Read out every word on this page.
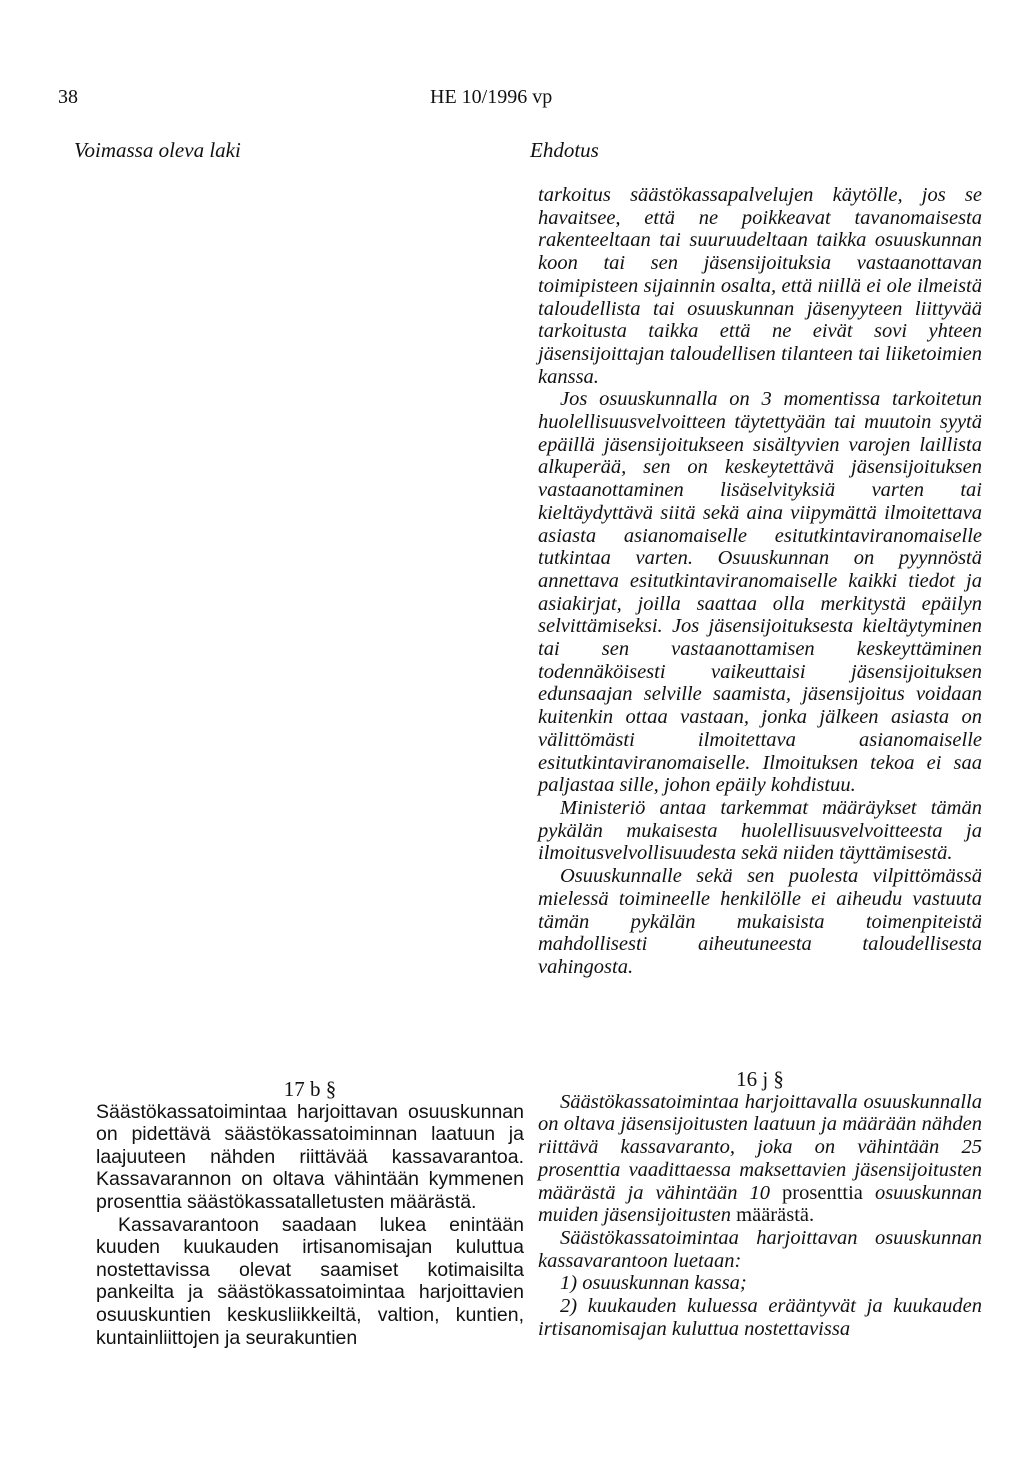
38	HE 10/1996 vp
Voimassa oleva laki	Ehdotus

tarkoitus säästökassapalvelujen käytölle, jos se havaitsee, että ne poikkeavat tavanomaisesta rakenteeltaan tai suuruudeltaan taikka osuuskunnan koon tai sen jäsensijoituksia vastaanottavan toimipisteen sijainnin osalta, että niillä ei ole ilmeistä taloudellista tai osuuskunnan jäsenyyteen liittyvää tarkoitusta taikka että ne eivät sovi yhteen jäsensijoittajan taloudellisen tilanteen tai liiketoimien kanssa.

Jos osuuskunnalla on 3 momentissa tarkoitetun huolellisuusvelvoitteen täytettyään tai muutoin syytä epäillä jäsensijoitukseen sisältyvien varojen laillista alkuperää, sen on keskeytettävä jäsensijoituksen vastaanottaminen lisäselvityksiä varten tai kieltäydyttävä siitä sekä aina viipymättä ilmoitettava asiasta asianomaiselle esitutkintaviranomaiselle tutkintaa varten. Osuuskunnan on pyynnöstä annettava esitutkintaviranomaiselle kaikki tiedot ja asiakirjat, joilla saattaa olla merkitystä epäilyn selvittämiseksi. Jos jäsensijoituksesta kieltäytyminen tai sen vastaanottamisen keskeyttäminen todennäköisesti vaikeuttaisi jäsensijoituksen edunsaajan selville saamista, jäsensijoitus voidaan kuitenkin ottaa vastaan, jonka jälkeen asiasta on välittömästi ilmoitettava asianomaiselle esitutkintaviranomaiselle. Ilmoituksen tekoa ei saa paljastaa sille, johon epäily kohdistuu.

Ministeriö antaa tarkemmat määräykset tämän pykälän mukaisesta huolellisuusvelvoitteesta ja ilmoitusvelvollisuudesta sekä niiden täyttämisestä.

Osuuskunnalle sekä sen puolesta vilpittömässä mielessä toimineelle henkilölle ei aiheudu vastuuta tämän pykälän mukaisista toimenpiteistä mahdollisesti aiheutuneesta taloudellisesta vahingosta.

16 j §

Säästökassatoimintaa harjoittavalla osuuskunnalla on oltava jäsensijoitusten laatuun ja määrään nähden riittävä kassavaranto, joka on vähintään 25 prosenttia vaadittaessa maksettavien jäsensijoitusten määrästä ja vähintään 10 prosenttia osuuskunnan muiden jäsensijoitusten määrästä.

Säästökassatoimintaa harjoittavan osuuskunnan kassavarantoon luetaan:

1) osuuskunnan kassa;

2) kuukauden kuluessa erääntyvät ja kuukauden irtisanomisajan kuluttua nostettavissa

17 b §

Säästökassatoimintaa harjoittavan osuuskunnan on pidettävä säästökassatoiminnan laatuun ja laajuuteen nähden riittävää kassavarantoa. Kassavarannon on oltava vähintään kymmenen prosenttia säästökassatalletusten määrästä.

Kassavarantoon saadaan lukea enintään kuuden kuukauden irtisanomisajan kuluttua nostettavissa olevat saamiset kotimaisilta pankeilta ja säästökassatoimintaa harjoittavien osuuskuntien keskusliikkeiltä, valtion, kuntien, kuntainliittojen ja seurakuntien
